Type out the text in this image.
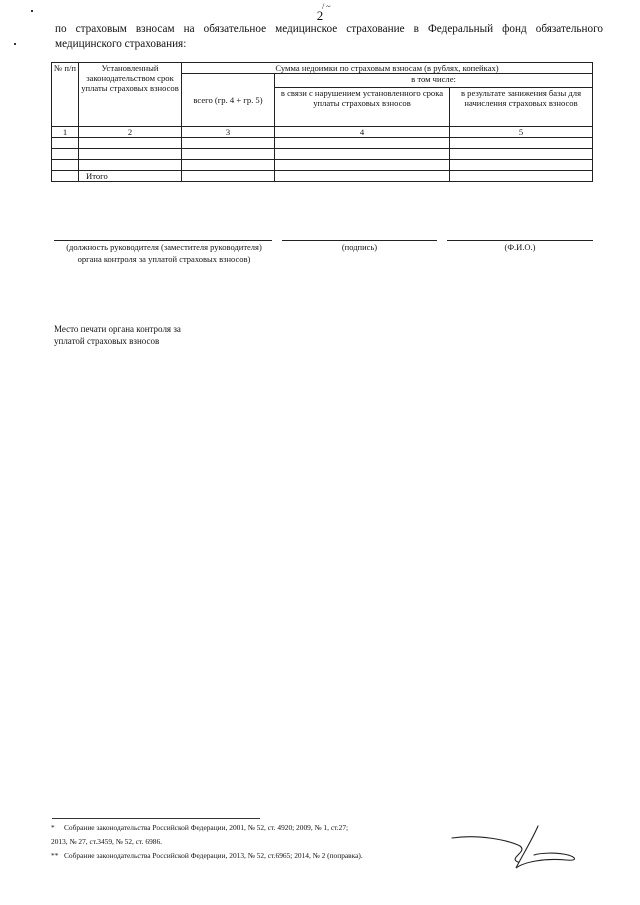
/ ~
2
по страховым взносам на обязательное медицинское страхование в Федеральный фонд обязательного медицинского страхования:
№ п/п	Установленный законодательством срок уплаты страховых взносов	Сумма недоимки по страховым взносам (в рублях, копейках)		
		всего (гр. 4 + гр. 5)	в том числе:	
			в связи с нарушением установленного срока уплаты страховых взносов	в результате занижения базы для начисления страховых взносов
1	2	3	4	5

	Итого			
(должность руководителя (заместителя руководителя) органа контроля за уплатой страховых взносов)
(подпись)	(Ф.И.О.)
Место печати органа контроля за уплатой страховых взносов
*	Собрание законодательства Российской Федерации, 2001, № 52, ст. 4920; 2009, № 1, ст.27;
2013, № 27, ст.3459, № 52, ст. 6986.
** Собрание законодательства Российской Федерации, 2013, № 52, ст.6965; 2014, № 2 (поправка).
